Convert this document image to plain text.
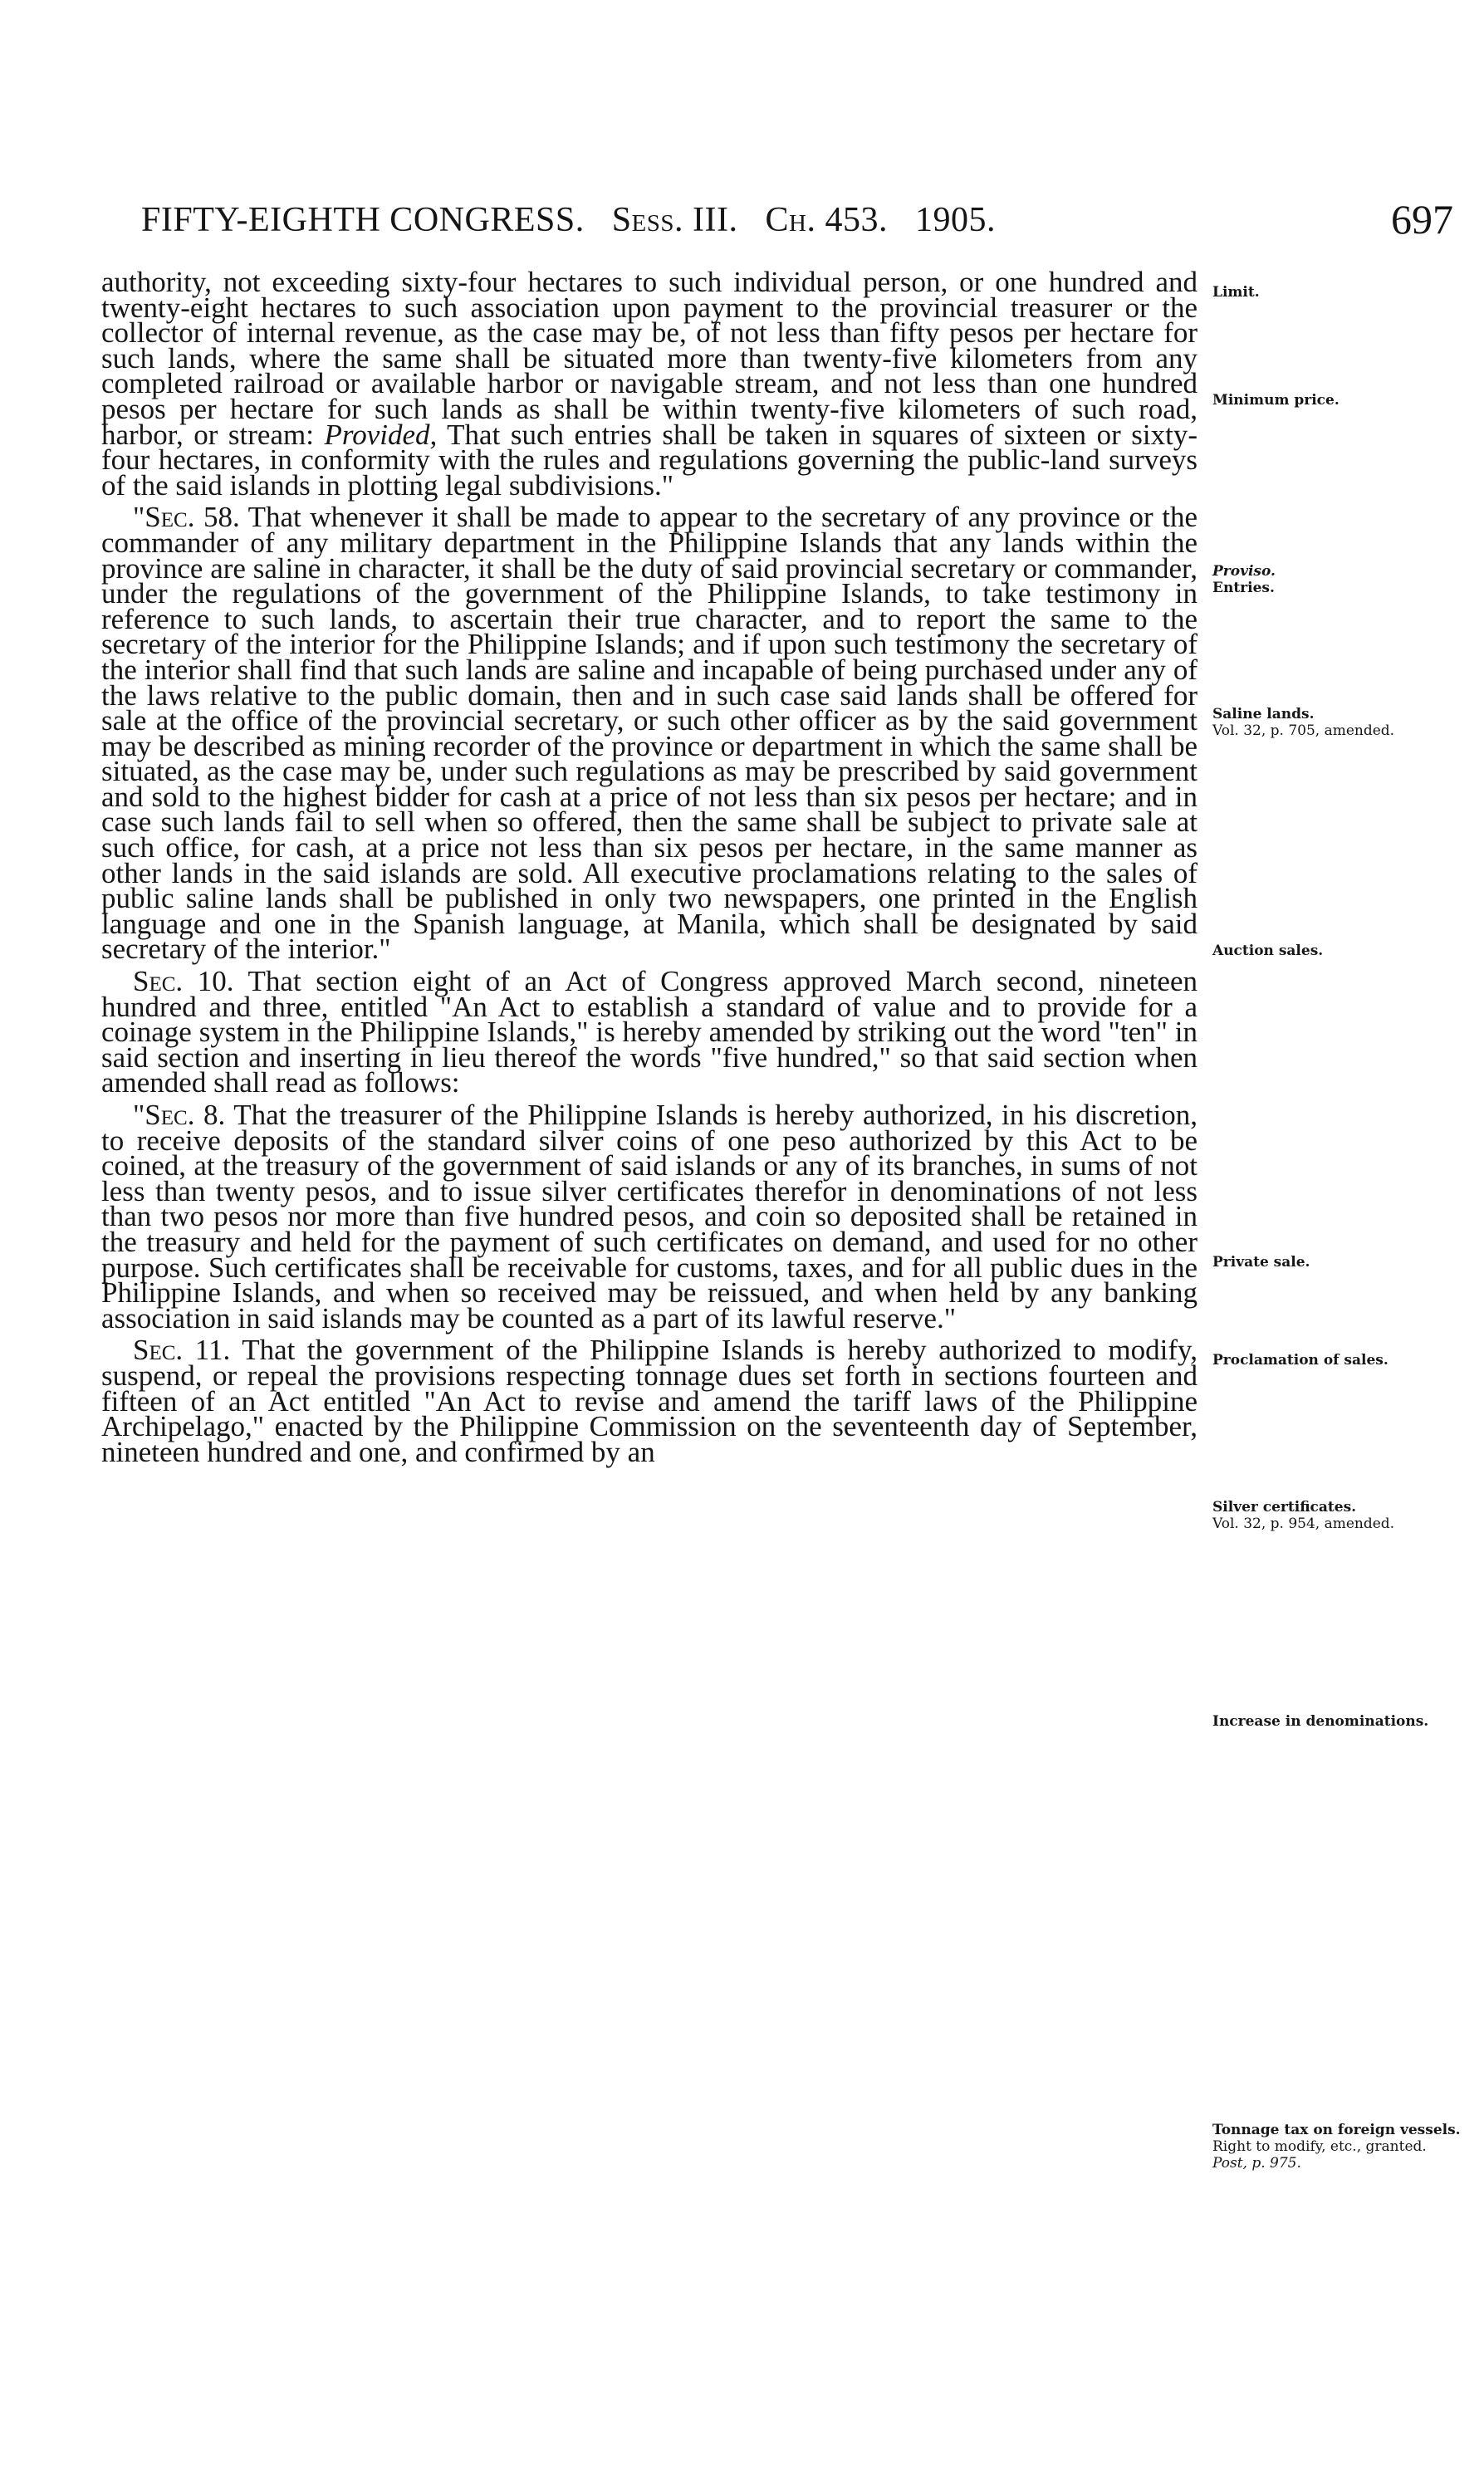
FIFTY-EIGHTH CONGRESS. Sess. III. Ch. 453. 1905.	697

authority, not exceeding sixty-four hectares to such individual person, or one hundred and twenty-eight hectares to such association upon payment to the provincial treasurer or the collector of internal revenue, as the case may be, of not less than fifty pesos per hectare for such lands, where the same shall be situated more than twenty-five kilometers from any completed railroad or available harbor or navigable stream, and not less than one hundred pesos per hectare for such lands as shall be within twenty-five kilometers of such road, harbor, or stream: Provided, That such entries shall be taken in squares of sixteen or sixty-four hectares, in conformity with the rules and regulations governing the public-land surveys of the said islands in plotting legal subdivisions."

"Sec. 58. That whenever it shall be made to appear to the secretary of any province or the commander of any military department in the Philippine Islands that any lands within the province are saline in character, it shall be the duty of said provincial secretary or commander, under the regulations of the government of the Philippine Islands, to take testimony in reference to such lands, to ascertain their true character, and to report the same to the secretary of the interior for the Philippine Islands; and if upon such testimony the secretary of the interior shall find that such lands are saline and incapable of being purchased under any of the laws relative to the public domain, then and in such case said lands shall be offered for sale at the office of the provincial secretary, or such other officer as by the said government may be described as mining recorder of the province or department in which the same shall be situated, as the case may be, under such regulations as may be prescribed by said government and sold to the highest bidder for cash at a price of not less than six pesos per hectare; and in case such lands fail to sell when so offered, then the same shall be subject to private sale at such office, for cash, at a price not less than six pesos per hectare, in the same manner as other lands in the said islands are sold. All executive proclamations relating to the sales of public saline lands shall be published in only two newspapers, one printed in the English language and one in the Spanish language, at Manila, which shall be designated by said secretary of the interior."

Sec. 10. That section eight of an Act of Congress approved March second, nineteen hundred and three, entitled "An Act to establish a standard of value and to provide for a coinage system in the Philippine Islands," is hereby amended by striking out the word "ten" in said section and inserting in lieu thereof the words "five hundred," so that said section when amended shall read as follows:

"Sec. 8. That the treasurer of the Philippine Islands is hereby authorized, in his discretion, to receive deposits of the standard silver coins of one peso authorized by this Act to be coined, at the treasury of the government of said islands or any of its branches, in sums of not less than twenty pesos, and to issue silver certificates therefor in denominations of not less than two pesos nor more than five hundred pesos, and coin so deposited shall be retained in the treasury and held for the payment of such certificates on demand, and used for no other purpose. Such certificates shall be receivable for customs, taxes, and for all public dues in the Philippine Islands, and when so received may be reissued, and when held by any banking association in said islands may be counted as a part of its lawful reserve."

Sec. 11. That the government of the Philippine Islands is hereby authorized to modify, suspend, or repeal the provisions respecting tonnage dues set forth in sections fourteen and fifteen of an Act entitled "An Act to revise and amend the tariff laws of the Philippine Archipelago," enacted by the Philippine Commission on the seventeenth day of September, nineteen hundred and one, and confirmed by an

Limit.
Minimum price.
Proviso.
Entries.
Saline lands.
Vol. 32, p. 705, amended.
Auction sales.
Private sale.
Proclamation of sales.
Silver certificates.
Vol. 32, p. 954, amended.
Increase in denominations.
Tonnage tax on foreign vessels.
Right to modify, etc., granted.
Post, p. 975.
